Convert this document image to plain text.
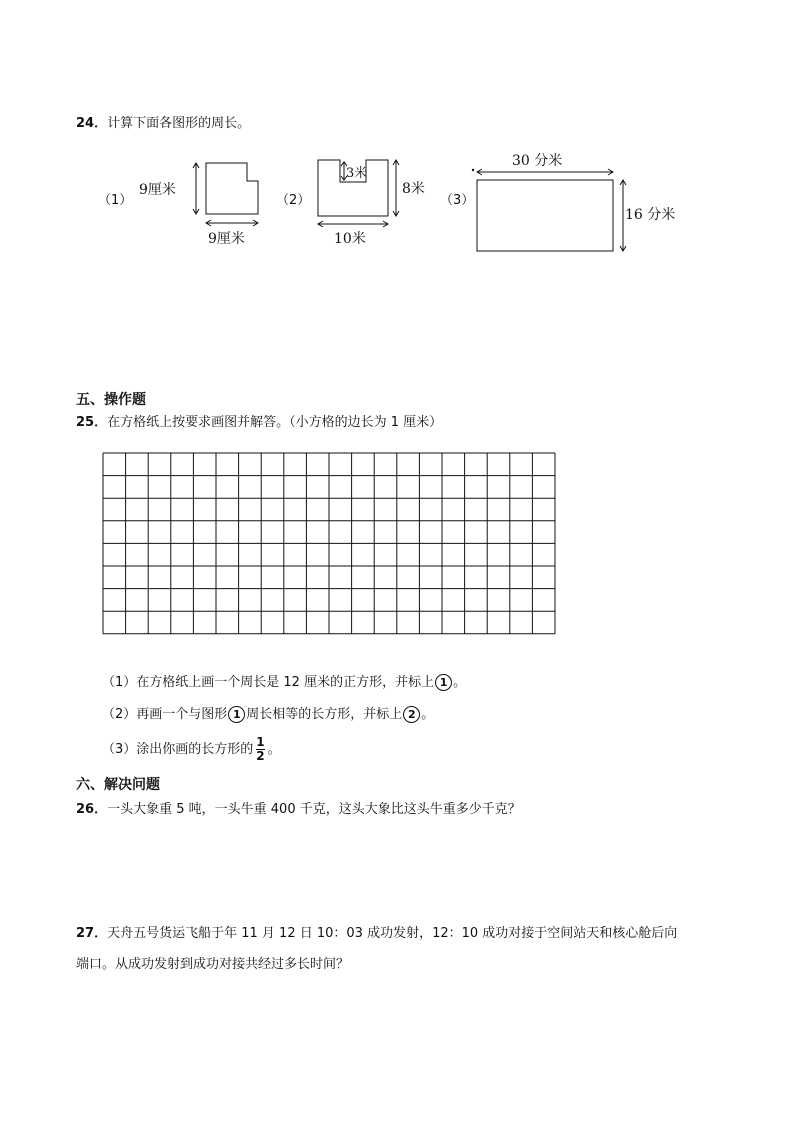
24．计算下面各图形的周长。
（1）
9厘米
9厘米
（2）
3米
8米
10米
（3）
30 分米
16 分米
五、操作题
25．在方格纸上按要求画图并解答。（小方格的边长为 1 厘米）
（1）在方格纸上画一个周长是 12 厘米的正方形，并标上 1 。
（2）再画一个与图形 1 周长相等的长方形，并标上 2 。
（3）涂出你画的长方形的 $\frac{1}{2}$ 。
六、解决问题
26．一头大象重 5 吨，一头牛重 400 千克，这头大象比这头牛重多少千克？
27．天舟五号货运飞船于年 11 月 12 日 10：03 成功发射，12：10 成功对接于空间站天和核心舱后向
端口。从成功发射到成功对接共经过多长时间？
